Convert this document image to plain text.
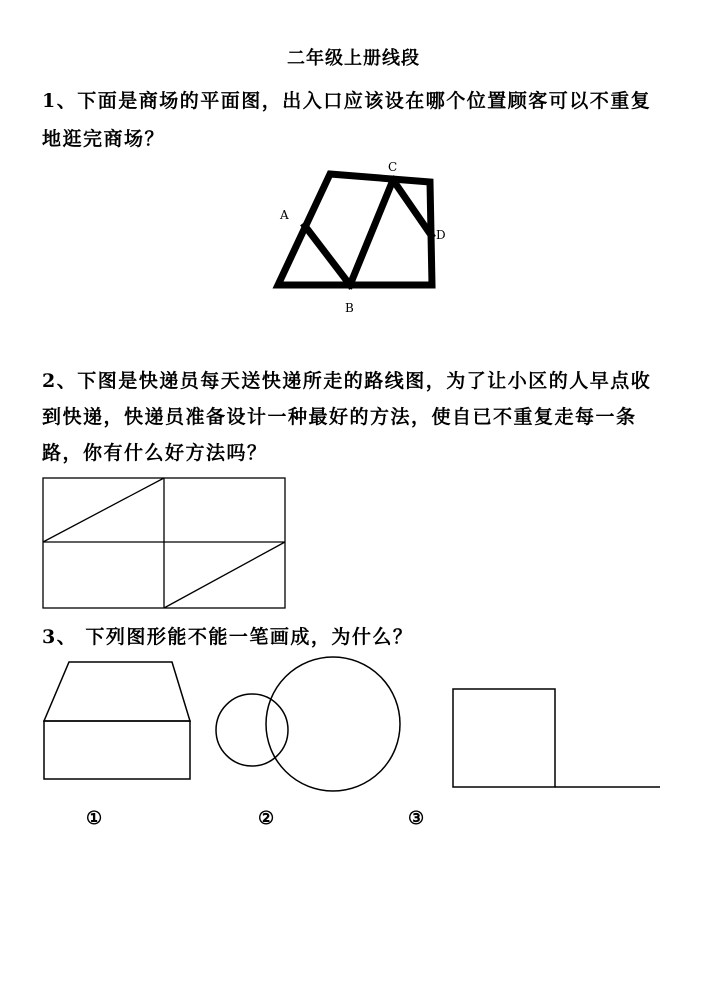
二年级上册线段
1、下面是商场的平面图，出入口应该设在哪个位置顾客可以不重复
地逛完商场？
A
B
C
D
2、下图是快递员每天送快递所走的路线图，为了让小区的人早点收
到快递，快递员准备设计一种最好的方法，使自已不重复走每一条
路，你有什么好方法吗？
3、 下列图形能不能一笔画成，为什么？
①	②	③
